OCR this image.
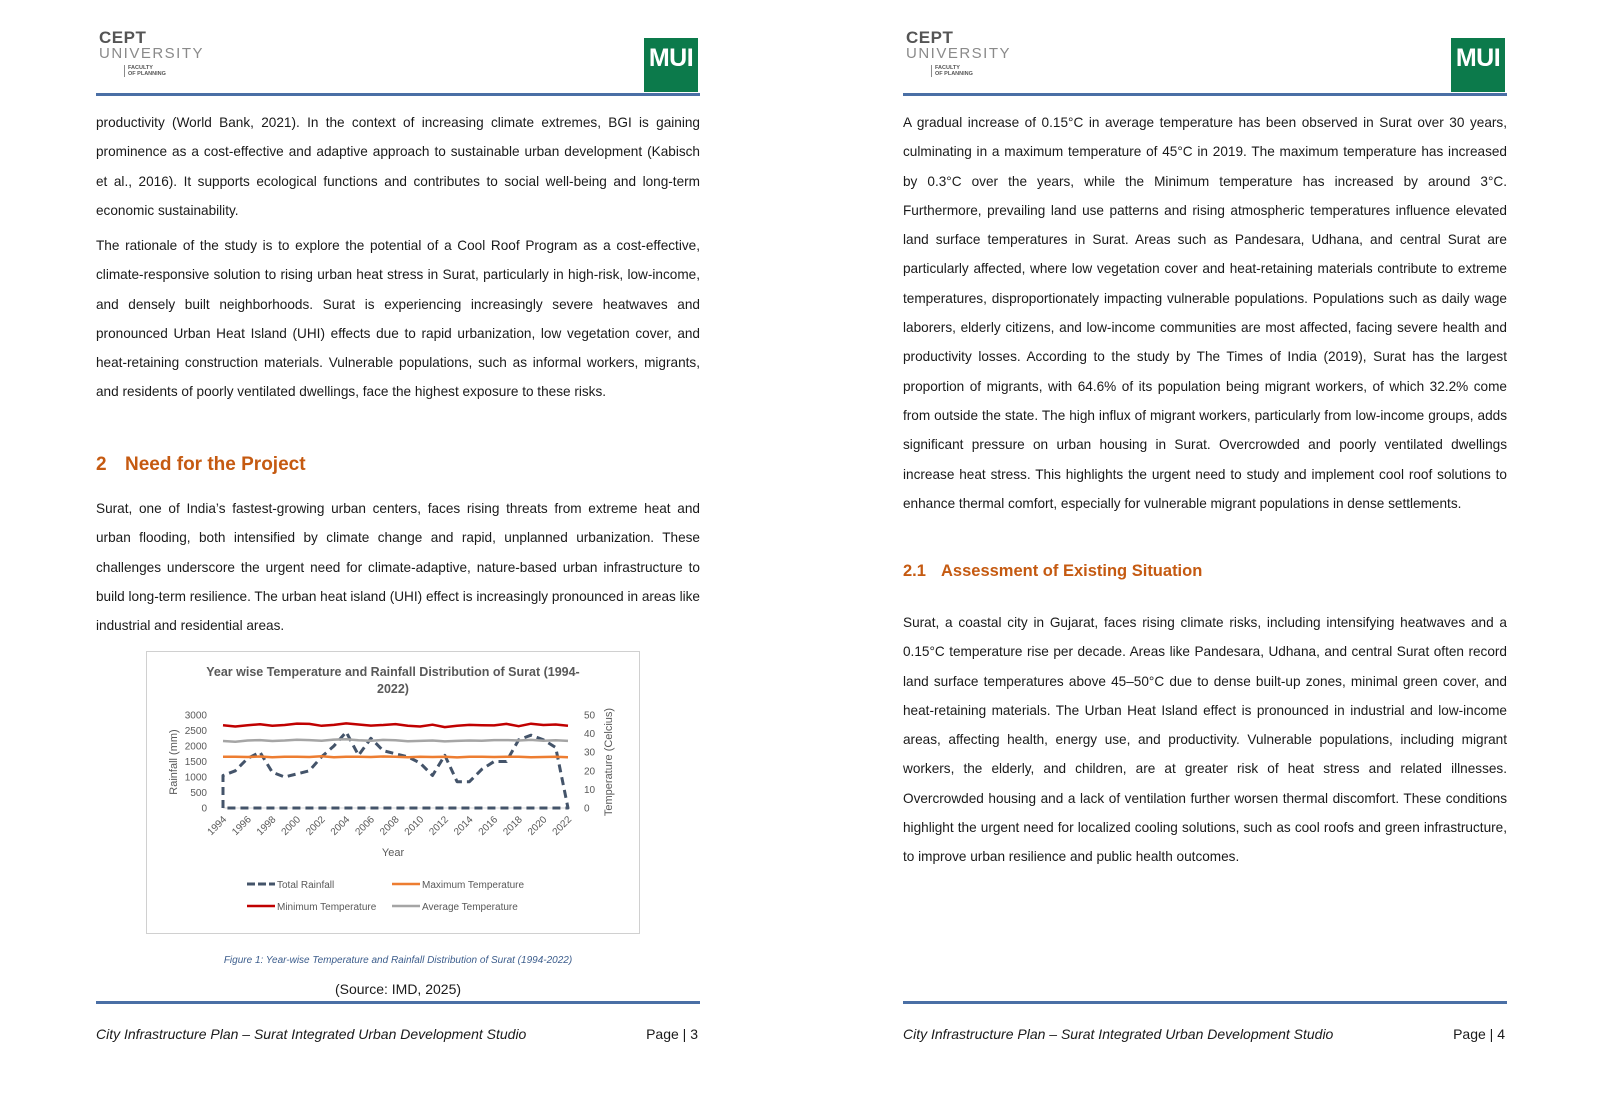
CEPT
UNIVERSITY
FACULTY
OF PLANNING
MUI

productivity (World Bank, 2021). In the context of increasing climate extremes, BGI is gaining prominence as a cost-effective and adaptive approach to sustainable urban development (Kabisch et al., 2016). It supports ecological functions and contributes to social well-being and long-term economic sustainability.

The rationale of the study is to explore the potential of a Cool Roof Program as a cost-effective, climate-responsive solution to rising urban heat stress in Surat, particularly in high-risk, low-income, and densely built neighborhoods. Surat is experiencing increasingly severe heatwaves and pronounced Urban Heat Island (UHI) effects due to rapid urbanization, low vegetation cover, and heat-retaining construction materials. Vulnerable populations, such as informal workers, migrants, and residents of poorly ventilated dwellings, face the highest exposure to these risks.

2 Need for the Project

Surat, one of India’s fastest-growing urban centers, faces rising threats from extreme heat and urban flooding, both intensified by climate change and rapid, unplanned urbanization. These challenges underscore the urgent need for climate-adaptive, nature-based urban infrastructure to build long-term resilience. The urban heat island (UHI) effect is increasingly pronounced in areas like industrial and residential areas.

Year wise Temperature and Rainfall Distribution of Surat (1994-
2022)
0
500
1000
1500
2000
2500
3000
0
10
20
30
40
50
1994 1996 1998 2000 2002 2004 2006 2008 2010 2012 2014 2016 2018 2020 2022
Year
Rainfall (mm)	Temperature (Celcius)
Total Rainfall	Maximum Temperature
Minimum Temperature	Average Temperature
Figure 1: Year-wise Temperature and Rainfall Distribution of Surat (1994-2022)
(Source: IMD, 2025)
City Infrastructure Plan – Surat Integrated Urban Development Studio	Page | 3
CEPT
UNIVERSITY
FACULTY
OF PLANNING
MUI

A gradual increase of 0.15°C in average temperature has been observed in Surat over 30 years, culminating in a maximum temperature of 45°C in 2019. The maximum temperature has increased by 0.3°C over the years, while the Minimum temperature has increased by around 3°C. Furthermore, prevailing land use patterns and rising atmospheric temperatures influence elevated land surface temperatures in Surat. Areas such as Pandesara, Udhana, and central Surat are particularly affected, where low vegetation cover and heat-retaining materials contribute to extreme temperatures, disproportionately impacting vulnerable populations. Populations such as daily wage laborers, elderly citizens, and low-income communities are most affected, facing severe health and productivity losses. According to the study by The Times of India (2019), Surat has the largest proportion of migrants, with 64.6% of its population being migrant workers, of which 32.2% come from outside the state. The high influx of migrant workers, particularly from low-income groups, adds significant pressure on urban housing in Surat. Overcrowded and poorly ventilated dwellings increase heat stress. This highlights the urgent need to study and implement cool roof solutions to enhance thermal comfort, especially for vulnerable migrant populations in dense settlements.

2.1 Assessment of Existing Situation

Surat, a coastal city in Gujarat, faces rising climate risks, including intensifying heatwaves and a 0.15°C temperature rise per decade. Areas like Pandesara, Udhana, and central Surat often record land surface temperatures above 45–50°C due to dense built-up zones, minimal green cover, and heat-retaining materials. The Urban Heat Island effect is pronounced in industrial and low-income areas, affecting health, energy use, and productivity. Vulnerable populations, including migrant workers, the elderly, and children, are at greater risk of heat stress and related illnesses. Overcrowded housing and a lack of ventilation further worsen thermal discomfort. These conditions highlight the urgent need for localized cooling solutions, such as cool roofs and green infrastructure, to improve urban resilience and public health outcomes.

City Infrastructure Plan – Surat Integrated Urban Development Studio	Page | 4
